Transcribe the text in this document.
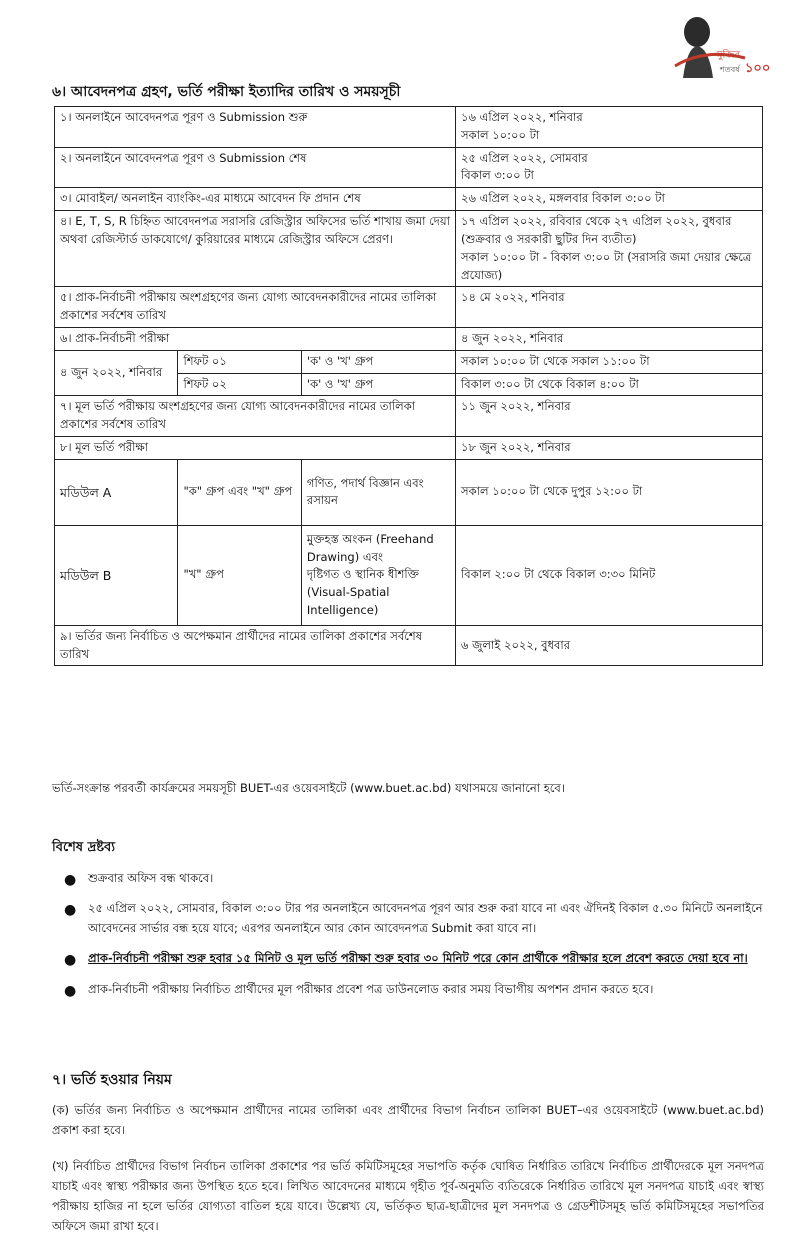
মুজিব
১০০
শতবর্ষ
৬। আবেদনপত্র গ্রহণ, ভর্তি পরীক্ষা ইত্যাদির তারিখ ও সময়সূচী
১। অনলাইনে আবেদনপত্র পূরণ ও Submission শুরু			১৬ এপ্রিল ২০২২, শনিবার
সকাল ১০:০০ টা

২। অনলাইনে আবেদনপত্র পূরণ ও Submission শেষ			২৫ এপ্রিল ২০২২, সোমবার
বিকাল ৩:০০ টা

৩। মোবাইল/ অনলাইন ব্যাংকিং-এর মাধ্যমে আবেদন ফি প্রদান শেষ			২৬ এপ্রিল ২০২২, মঙ্গলবার বিকাল ৩:০০ টা
৪। E, T, S, R চিহ্নিত আবেদনপত্র সরাসরি রেজিস্ট্রার অফিসের ভর্তি শাখায় জমা দেয়া অথবা রেজিস্টার্ড ডাকযোগে/ কুরিয়ারের মাধ্যমে রেজিস্ট্রার অফিসে প্রেরণ।			১৭ এপ্রিল ২০২২, রবিবার থেকে ২৭ এপ্রিল ২০২২, বুধবার (শুক্রবার ও সরকারী ছুটির দিন ব্যতীত)
সকাল ১০:০০ টা - বিকাল ৩:০০ টা (সরাসরি জমা দেয়ার ক্ষেত্রে প্রযোজ্য)

৫। প্রাক-নির্বাচনী পরীক্ষায় অংশগ্রহণের জন্য যোগ্য আবেদনকারীদের নামের তালিকা প্রকাশের সর্বশেষ তারিখ			১৪ মে ২০২২, শনিবার
৬। প্রাক-নির্বাচনী পরীক্ষা			৪ জুন ২০২২, শনিবার
৪ জুন ২০২২, শনিবার	শিফট ০১	'ক' ও 'খ' গ্রুপ	সকাল ১০:০০ টা থেকে সকাল ১১:০০ টা
	শিফট ০২	'ক' ও 'খ' গ্রুপ	বিকাল ৩:০০ টা থেকে বিকাল ৪:০০ টা
৭। মূল ভর্তি পরীক্ষায় অংশগ্রহণের জন্য যোগ্য আবেদনকারীদের নামের তালিকা প্রকাশের সর্বশেষ তারিখ			১১ জুন ২০২২, শনিবার
৮। মূল ভর্তি পরীক্ষা			১৮ জুন ২০২২, শনিবার
মডিউল A	"ক" গ্রুপ এবং "খ" গ্রুপ	গণিত, পদার্থ বিজ্ঞান এবং রসায়ন	সকাল ১০:০০ টা থেকে দুপুর ১২:০০ টা
মডিউল B	"খ" গ্রুপ	মুক্তহস্ত অংকন (Freehand Drawing) এবং
দৃষ্টিগত ও স্থানিক ধীশক্তি (Visual-Spatial Intelligence)	বিকাল ২:০০ টা থেকে বিকাল ৩:৩০ মিনিট
৯। ভর্তির জন্য নির্বাচিত ও অপেক্ষমান প্রার্থীদের নামের তালিকা প্রকাশের সর্বশেষ তারিখ			৬ জুলাই ২০২২, বুধবার
ভর্তি-সংক্রান্ত পরবর্তী কার্যক্রমের সময়সূচী BUET-এর ওয়েবসাইটে (www.buet.ac.bd) যথাসময়ে জানানো হবে।
বিশেষ দ্রষ্টব্য
● শুক্রবার অফিস বন্ধ থাকবে।
● ২৫ এপ্রিল ২০২২, সোমবার, বিকাল ৩:০০ টার পর অনলাইনে আবেদনপত্র পূরণ আর শুরু করা যাবে না এবং ঐদিনই বিকাল ৫.৩০ মিনিটে অনলাইনে আবেদনের সার্ভার বন্ধ হয়ে যাবে; এরপর অনলাইনে আর কোন আবেদনপত্র Submit করা যাবে না।
● প্রাক-নির্বাচনী পরীক্ষা শুরু হবার ১৫ মিনিট ও মূল ভর্তি পরীক্ষা শুরু হবার ৩০ মিনিট পরে কোন প্রার্থীকে পরীক্ষার হলে প্রবেশ করতে দেয়া হবে না।
● প্রাক-নির্বাচনী পরীক্ষায় নির্বাচিত প্রার্থীদের মূল পরীক্ষার প্রবেশ পত্র ডাউনলোড করার সময় বিভাগীয় অপশন প্রদান করতে হবে।
৭। ভর্তি হওয়ার নিয়ম

(ক) ভর্তির জন্য নির্বাচিত ও অপেক্ষমান প্রার্থীদের নামের তালিকা এবং প্রার্থীদের বিভাগ নির্বাচন তালিকা BUET–এর ওয়েবসাইটে (www.buet.ac.bd) প্রকাশ করা হবে।

(খ) নির্বাচিত প্রার্থীদের বিভাগ নির্বাচন তালিকা প্রকাশের পর ভর্তি কমিটিসমূহের সভাপতি কর্তৃক ঘোষিত নির্ধারিত তারিখে নির্বাচিত প্রার্থীদেরকে মূল সনদপত্র যাচাই এবং স্বাস্থ্য পরীক্ষার জন্য উপস্থিত হতে হবে। লিখিত আবেদনের মাধ্যমে গৃহীত পূর্ব-অনুমতি ব্যতিরেকে নির্ধারিত তারিখে মূল সনদপত্র যাচাই এবং স্বাস্থ্য পরীক্ষায় হাজির না হলে ভর্তির যোগ্যতা বাতিল হয়ে যাবে। উল্লেখ্য যে, ভর্তিকৃত ছাত্র-ছাত্রীদের মূল সনদপত্র ও গ্রেডশীটসমূহ ভর্তি কমিটিসমূহের সভাপতির অফিসে জমা রাখা হবে।
